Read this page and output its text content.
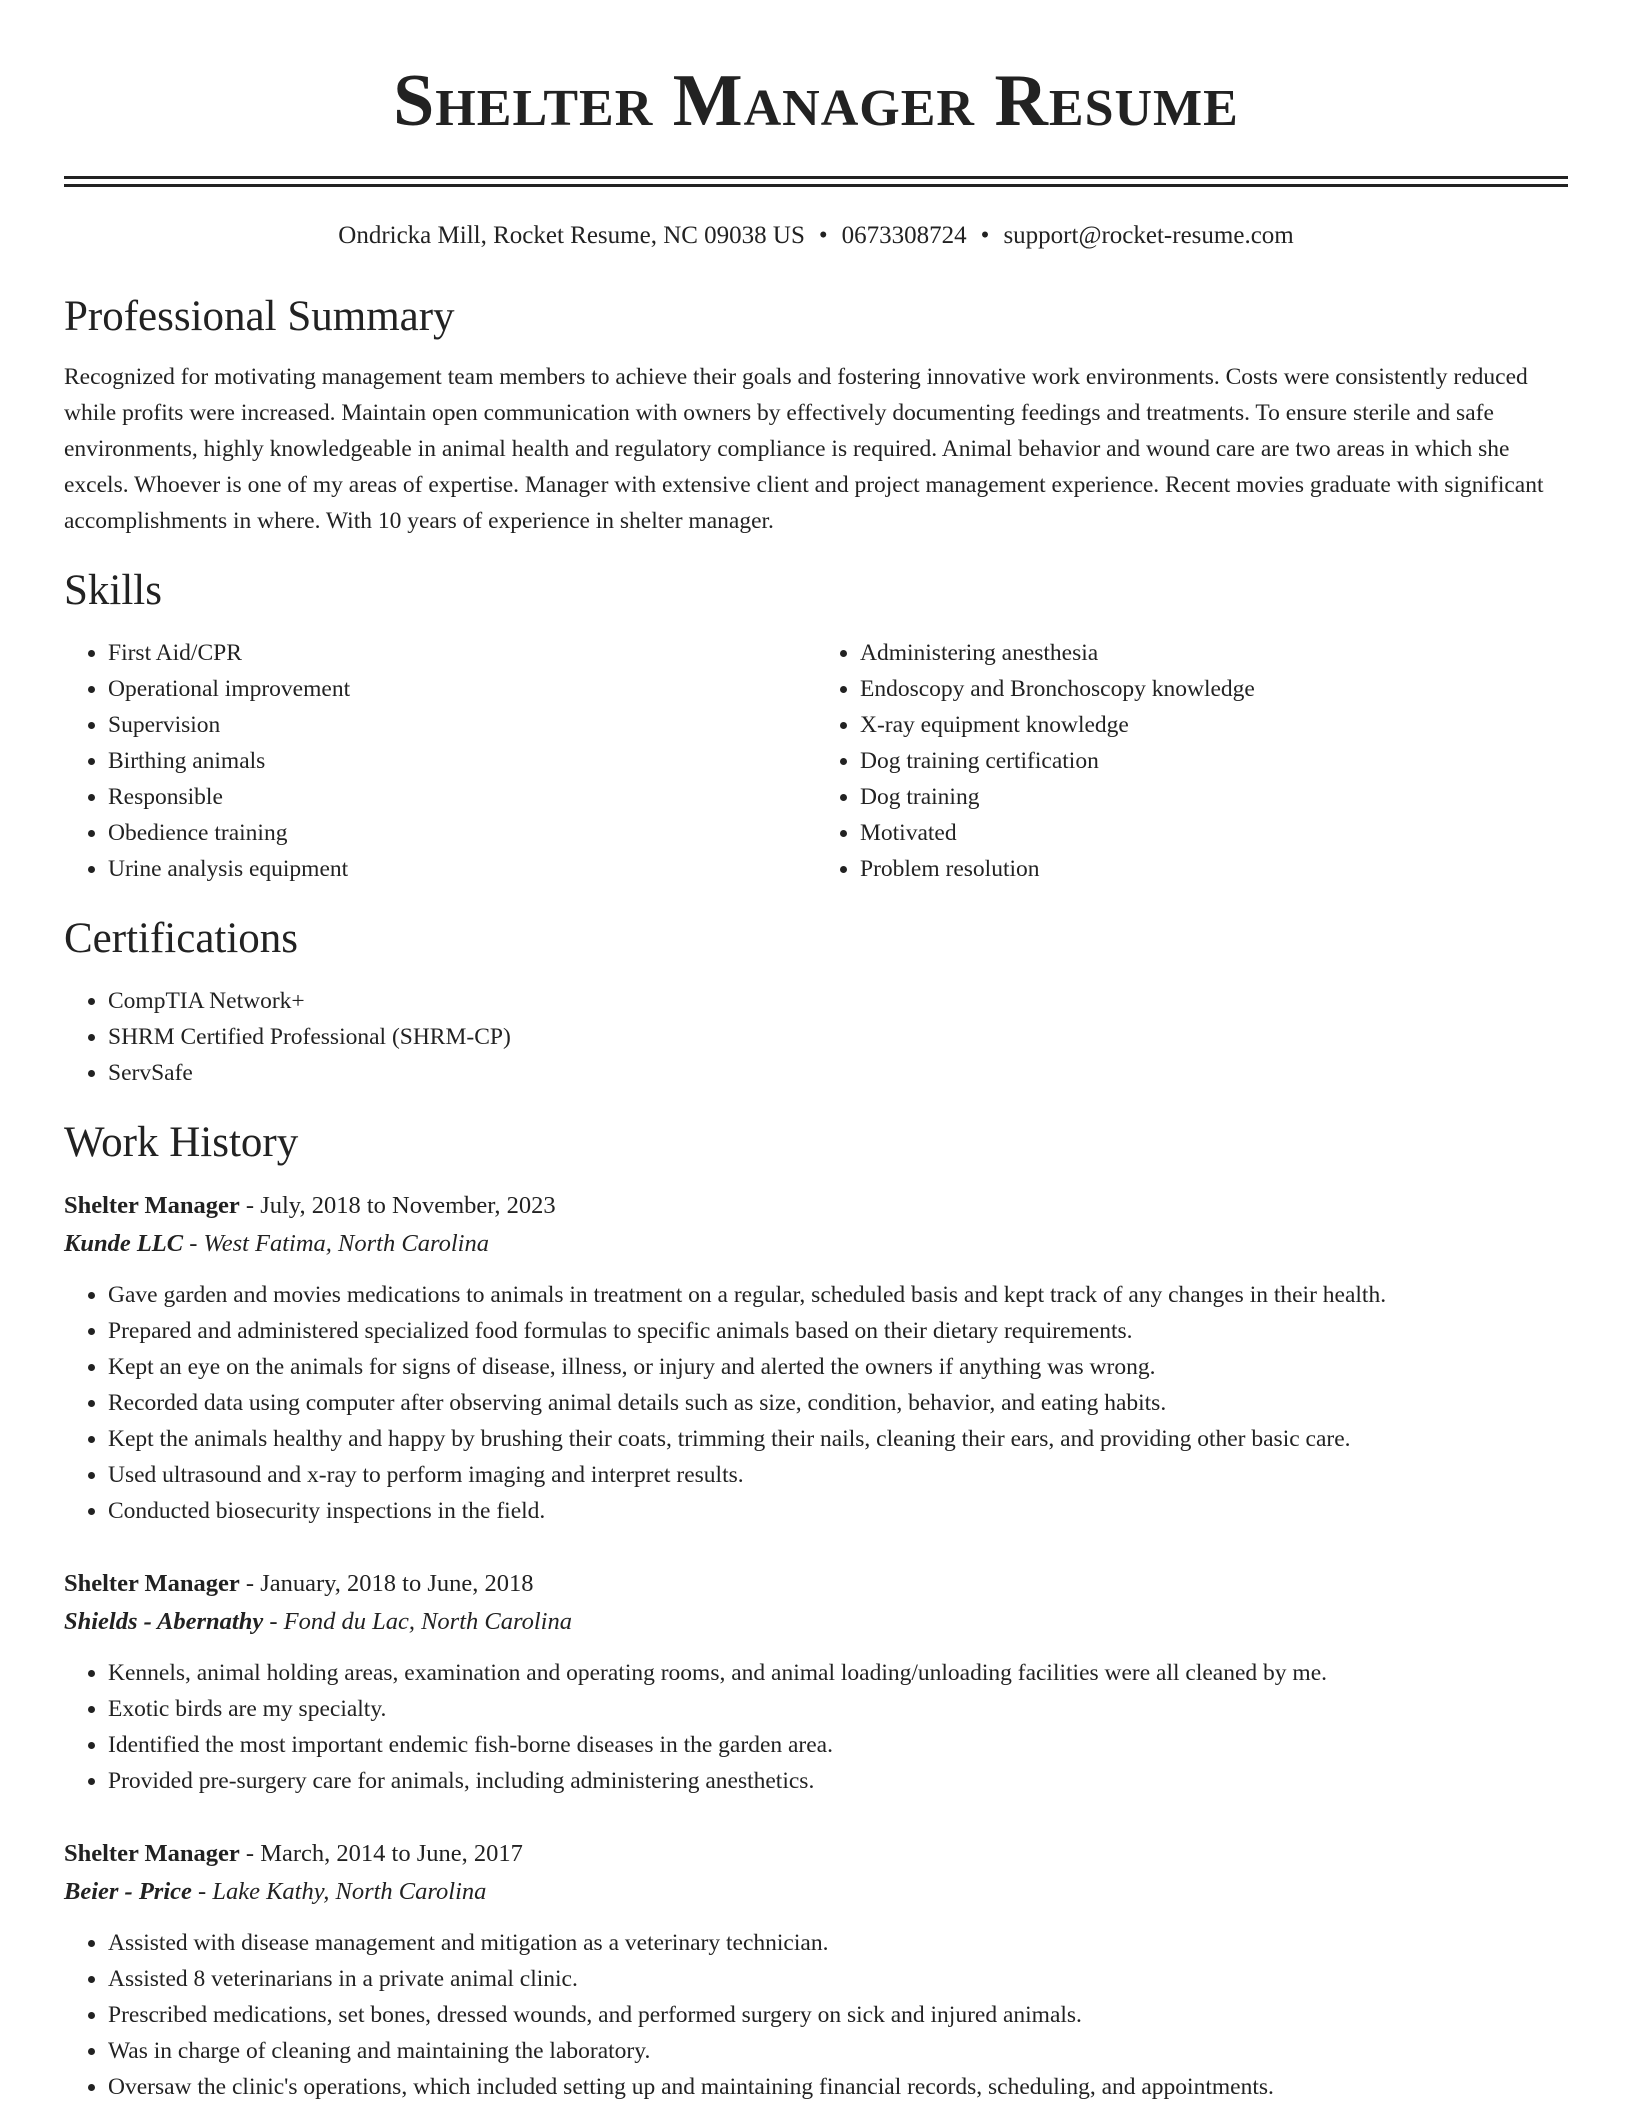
Shelter Manager Resume
Ondricka Mill, Rocket Resume, NC 09038 US • 0673308724 • support@rocket-resume.com
Professional Summary

Recognized for motivating management team members to achieve their goals and fostering innovative work environments. Costs were consistently reduced while profits were increased. Maintain open communication with owners by effectively documenting feedings and treatments. To ensure sterile and safe environments, highly knowledgeable in animal health and regulatory compliance is required. Animal behavior and wound care are two areas in which she excels. Whoever is one of my areas of expertise. Manager with extensive client and project management experience. Recent movies graduate with significant accomplishments in where. With 10 years of experience in shelter manager.

Skills
• First Aid/CPR
• Operational improvement
• Supervision
• Birthing animals
• Responsible
• Obedience training
• Urine analysis equipment
• Administering anesthesia
• Endoscopy and Bronchoscopy knowledge
• X-ray equipment knowledge
• Dog training certification
• Dog training
• Motivated
• Problem resolution
Certifications
• CompTIA Network+
• SHRM Certified Professional (SHRM-CP)
• ServSafe
Work History
Shelter Manager - July, 2018 to November, 2023
Kunde LLC - West Fatima, North Carolina
• Gave garden and movies medications to animals in treatment on a regular, scheduled basis and kept track of any changes in their health.
• Prepared and administered specialized food formulas to specific animals based on their dietary requirements.
• Kept an eye on the animals for signs of disease, illness, or injury and alerted the owners if anything was wrong.
• Recorded data using computer after observing animal details such as size, condition, behavior, and eating habits.
• Kept the animals healthy and happy by brushing their coats, trimming their nails, cleaning their ears, and providing other basic care.
• Used ultrasound and x-ray to perform imaging and interpret results.
• Conducted biosecurity inspections in the field.
Shelter Manager - January, 2018 to June, 2018
Shields - Abernathy - Fond du Lac, North Carolina
• Kennels, animal holding areas, examination and operating rooms, and animal loading/unloading facilities were all cleaned by me.
• Exotic birds are my specialty.
• Identified the most important endemic fish-borne diseases in the garden area.
• Provided pre-surgery care for animals, including administering anesthetics.
Shelter Manager - March, 2014 to June, 2017
Beier - Price - Lake Kathy, North Carolina
• Assisted with disease management and mitigation as a veterinary technician.
• Assisted 8 veterinarians in a private animal clinic.
• Prescribed medications, set bones, dressed wounds, and performed surgery on sick and injured animals.
• Was in charge of cleaning and maintaining the laboratory.
• Oversaw the clinic's operations, which included setting up and maintaining financial records, scheduling, and appointments.
